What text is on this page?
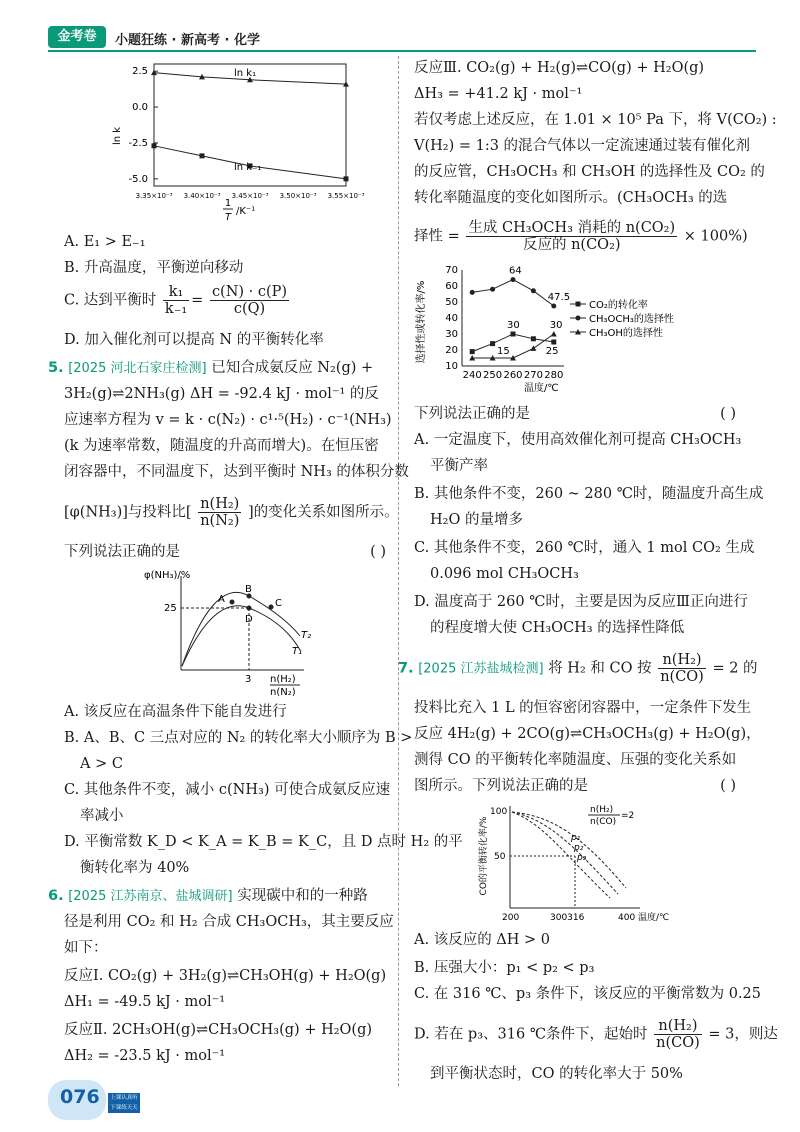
金考卷	小题狂练 · 新高考 · 化学
ln k
2.5
0.0
-2.5
-5.0
3.35×10⁻³ 3.40×10⁻³ 3.45×10⁻³ 3.50×10⁻³ 3.55×10⁻³
ln k₁
ln k₋₁
1
T
/K⁻¹
A. E₁ > E₋₁
B. 升高温度，平衡逆向移动
C. 达到平衡时 $\frac{\text{k₁}}{\text{k₋₁}} = \frac{c(N) \cdot c(P)}{c(Q)}$
D. 加入催化剂可以提高 N 的平衡转化率
5. [2025 河北石家庄检测] 已知合成氨反应 N₂(g) +
3H₂(g)⇌2NH₃(g) ΔH = -92.4 kJ · mol⁻¹ 的反
应速率方程为 v = k · c(N₂) · c¹·⁵(H₂) · c⁻¹(NH₃)
(k 为速率常数，随温度的升高而增大)。在恒压密
闭容器中，不同温度下，达到平衡时 NH₃ 的体积分数
[φ(NH₃)]与投料比[ $\frac{\text{n(H₂)}}{\text{n(N₂)}}$ ]的变化关系如图所示。
下列说法正确的是	( )
φ(NH₃)/%
25
A
B
C
D
T₂
T₁
3 n(H₂)
n(N₂)
A. 该反应在高温条件下能自发进行
B. A、B、C 三点对应的 N₂ 的转化率大小顺序为 B >
A > C
C. 其他条件不变，减小 c(NH₃) 可使合成氨反应速
率减小
D. 平衡常数 K_D < K_A = K_B = K_C，且 D 点时 H₂ 的平
衡转化率为 40%
6. [2025 江苏南京、盐城调研] 实现碳中和的一种路
径是利用 CO₂ 和 H₂ 合成 CH₃OCH₃，其主要反应
如下：
反应Ⅰ. CO₂(g) + 3H₂(g)⇌CH₃OH(g) + H₂O(g)
ΔH₁ = -49.5 kJ · mol⁻¹
反应Ⅱ. 2CH₃OH(g)⇌CH₃OCH₃(g) + H₂O(g)
ΔH₂ = -23.5 kJ · mol⁻¹
反应Ⅲ. CO₂(g) + H₂(g)⇌CO(g) + H₂O(g)
ΔH₃ = +41.2 kJ · mol⁻¹
若仅考虑上述反应，在 1.01 × 10⁵ Pa 下，将 V(CO₂) :
V(H₂) = 1:3 的混合气体以一定流速通过装有催化剂
的反应管，CH₃OCH₃ 和 CH₃OH 的选择性及 CO₂ 的
转化率随温度的变化如图所示。(CH₃OCH₃ 的选
择性 =
生成 CH₃OCH₃ 消耗的 n(CO₂)
反应的 n(CO₂)
× 100%)
选择性或转化率/%
10
20
30
40
50
60
70
240 250 260 270 280
温度/℃
CO₂的转化率
CH₃OCH₃的选择性
CH₃OH的选择性
64
47.5
30	30
15	25
下列说法正确的是	( )
A. 一定温度下，使用高效催化剂可提高 CH₃OCH₃
平衡产率
B. 其他条件不变，260 ~ 280 ℃时，随温度升高生成
H₂O 的量增多
C. 其他条件不变，260 ℃时，通入 1 mol CO₂ 生成
0.096 mol CH₃OCH₃
D. 温度高于 260 ℃时，主要是因为反应Ⅲ正向进行
的程度增大使 CH₃OCH₃ 的选择性降低
7. [2025 江苏盐城检测] 将 H₂ 和 CO 按 $\frac{\text{n(H₂)}}{n(CO)} = 2$ 的
投料比充入 1 L 的恒容密闭容器中，一定条件下发生
反应 4H₂(g) + 2CO(g)⇌CH₃OCH₃(g) + H₂O(g)，
测得 CO 的平衡转化率随温度、压强的变化关系如
图所示。下列说法正确的是	( )
CO的平衡转化率/%
100
50
p₁
p₂
p₃
n(H₂)
n(CO)
=2
200	300316	400 温度/℃
A. 该反应的 ΔH > 0
B. 压强大小：p₁ < p₂ < p₃
C. 在 316 ℃、p₃ 条件下，该反应的平衡常数为 0.25
D. 若在 p₃、316 ℃条件下，起始时 $\frac{\text{n(H₂)}}{n(CO)} = 3$，则达
到平衡状态时，CO 的转化率大于 50%
076	上课认真听
下课练天天
